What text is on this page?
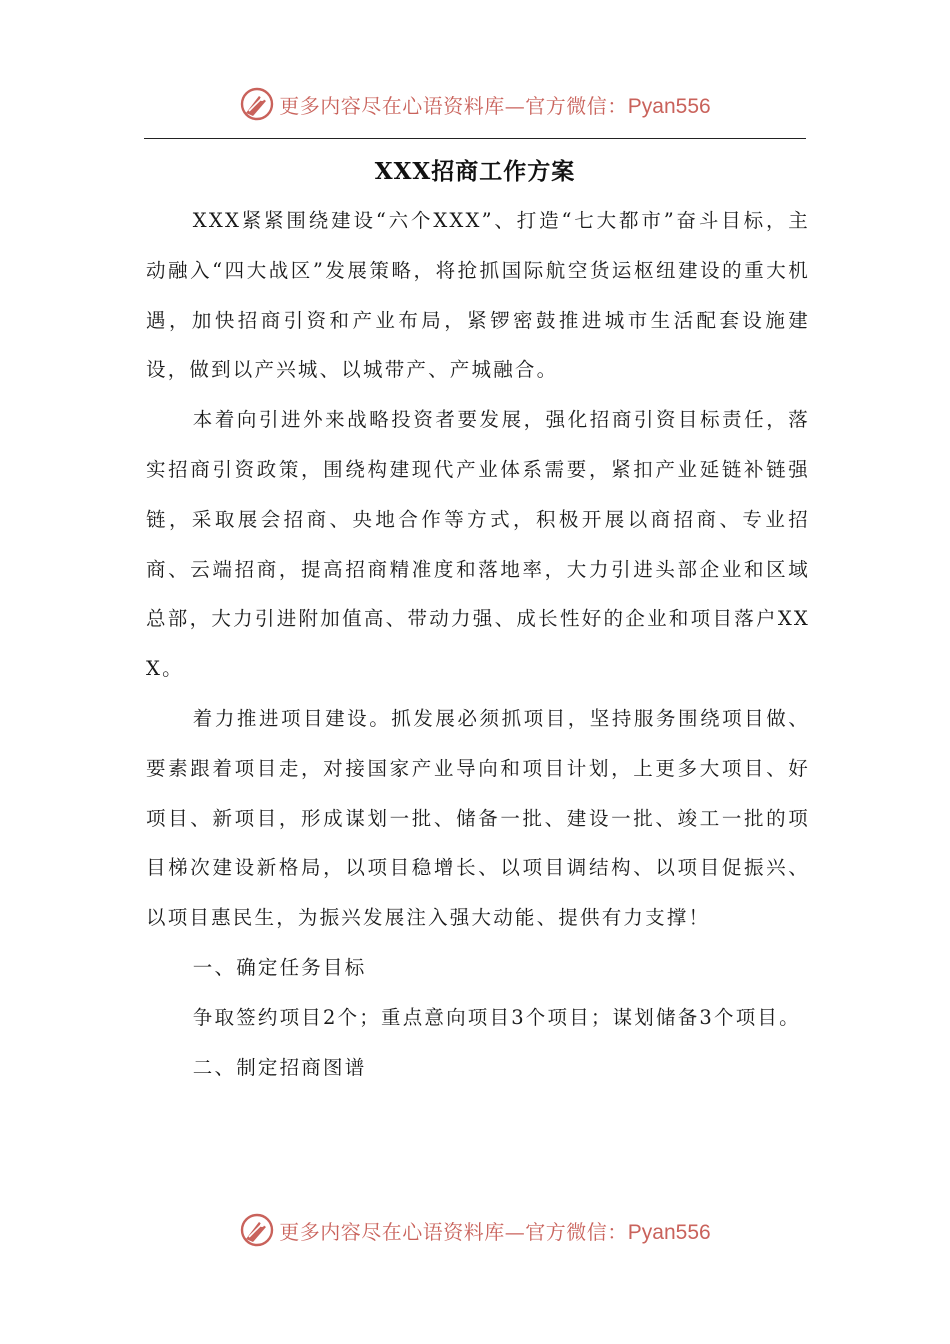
更多内容尽在心语资料库—官方微信：Pyan556
XXX招商工作方案

XXX紧紧围绕建设“六个XXX”、打造“七大都市”奋斗目标，主动融入“四大战区”发展策略，将抢抓国际航空货运枢纽建设的重大机遇，加快招商引资和产业布局，紧锣密鼓推进城市生活配套设施建设，做到以产兴城、以城带产、产城融合。

本着向引进外来战略投资者要发展，强化招商引资目标责任，落实招商引资政策，围绕构建现代产业体系需要，紧扣产业延链补链强链，采取展会招商、央地合作等方式，积极开展以商招商、专业招商、云端招商，提高招商精准度和落地率，大力引进头部企业和区域总部，大力引进附加值高、带动力强、成长性好的企业和项目落户XXX。

着力推进项目建设。抓发展必须抓项目，坚持服务围绕项目做、要素跟着项目走，对接国家产业导向和项目计划，上更多大项目、好项目、新项目，形成谋划一批、储备一批、建设一批、竣工一批的项目梯次建设新格局，以项目稳增长、以项目调结构、以项目促振兴、以项目惠民生，为振兴发展注入强大动能、提供有力支撑！

一、确定任务目标

争取签约项目2个；重点意向项目3个项目；谋划储备3个项目。

二、制定招商图谱

更多内容尽在心语资料库—官方微信：Pyan556
